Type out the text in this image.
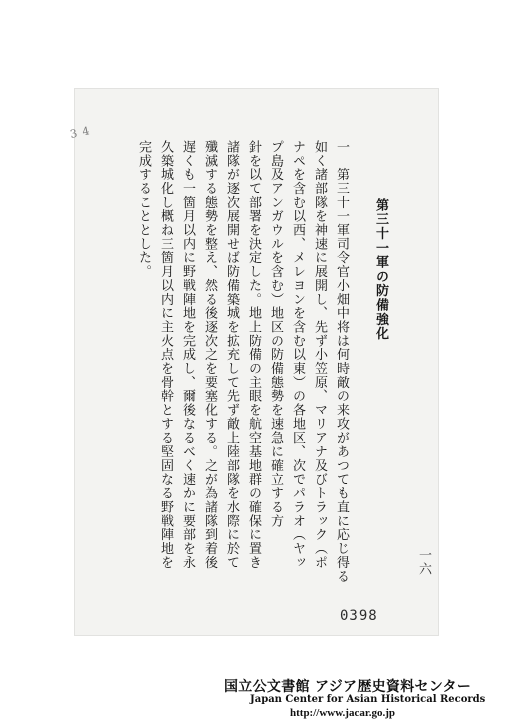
3 4
第三十一軍の防備強化
一　第三十一軍司令官小畑中将は何時敵の来攻があつても直に応じ得る
如く諸部隊を神速に展開し、先ず小笠原、マリアナ及びトラック（ポ
ナペを含む以西、メレヨンを含む以東）の各地区、次でパラオ（ヤッ
プ島及アンガウルを含む）地区の防備態勢を速急に確立する方
針を以て部署を決定した。地上防備の主眼を航空基地群の確保に置き
諸隊が逐次展開せば防備築城を拡充して先ず敵上陸部隊を水際に於て
殲滅する態勢を整え、然る後逐次之を要塞化する。之が為諸隊到着後
遅くも一箇月以内に野戦陣地を完成し、爾後なるべく速かに要部を永
久築城化し概ね三箇月以内に主火点を骨幹とする堅固なる野戦陣地を
完成することとした。
一六
0398
国立公文書館 アジア歴史資料センター
Japan Center for Asian Historical Records
http://www.jacar.go.jp
